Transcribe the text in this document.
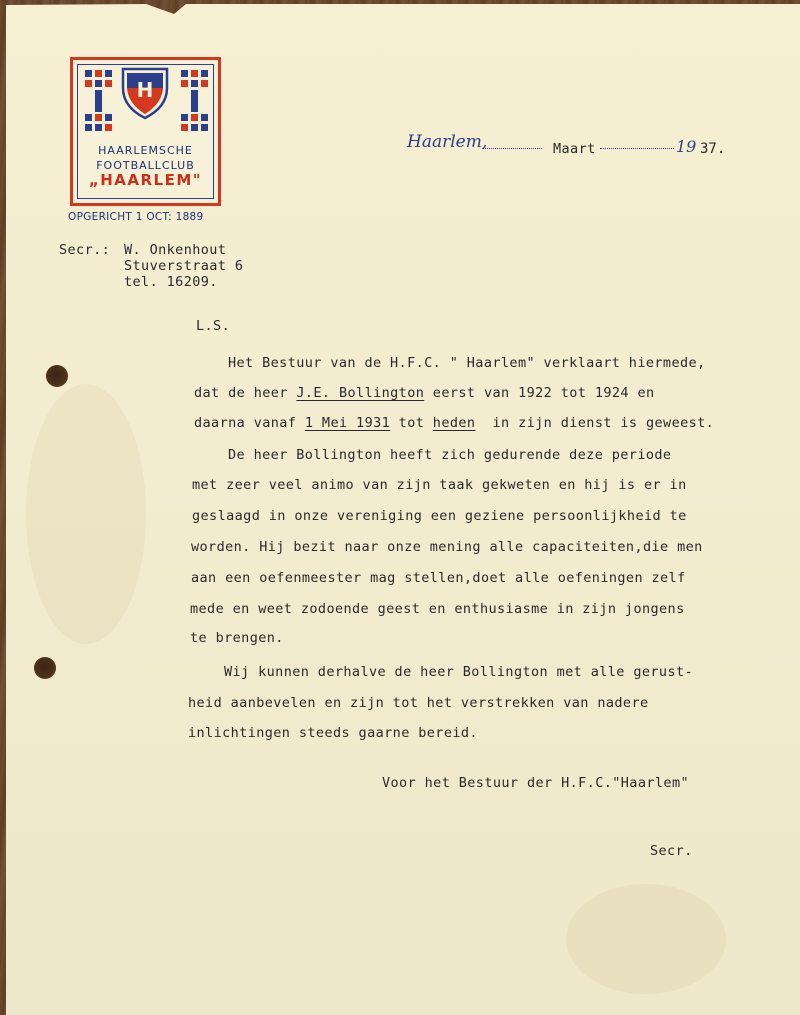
H
HAARLEMSCHE
FOOTBALLCLUB
„HAARLEM"
OPGERICHT 1 OCT: 1889
Haarlem,	Maart	19 37.
Secr.: W. Onkenhout
Stuverstraat 6
tel. 16209.
L.S.
Het Bestuur van de H.F.C. " Haarlem" verklaart hiermede,
dat de heer J.E. Bollington eerst van 1922 tot 1924 en
daarna vanaf 1 Mei 1931 tot heden  in zijn dienst is geweest.
De heer Bollington heeft zich gedurende deze periode
met zeer veel animo van zijn taak gekweten en hij is er in
geslaagd in onze vereniging een geziene persoonlijkheid te
worden. Hij bezit naar onze mening alle capaciteiten,die men
aan een oefenmeester mag stellen,doet alle oefeningen zelf
mede en weet zodoende geest en enthusiasme in zijn jongens
te brengen.
Wij kunnen derhalve de heer Bollington met alle gerust-
heid aanbevelen en zijn tot het verstrekken van nadere
inlichtingen steeds gaarne bereid.
Voor het Bestuur der H.F.C."Haarlem"
Secr.
